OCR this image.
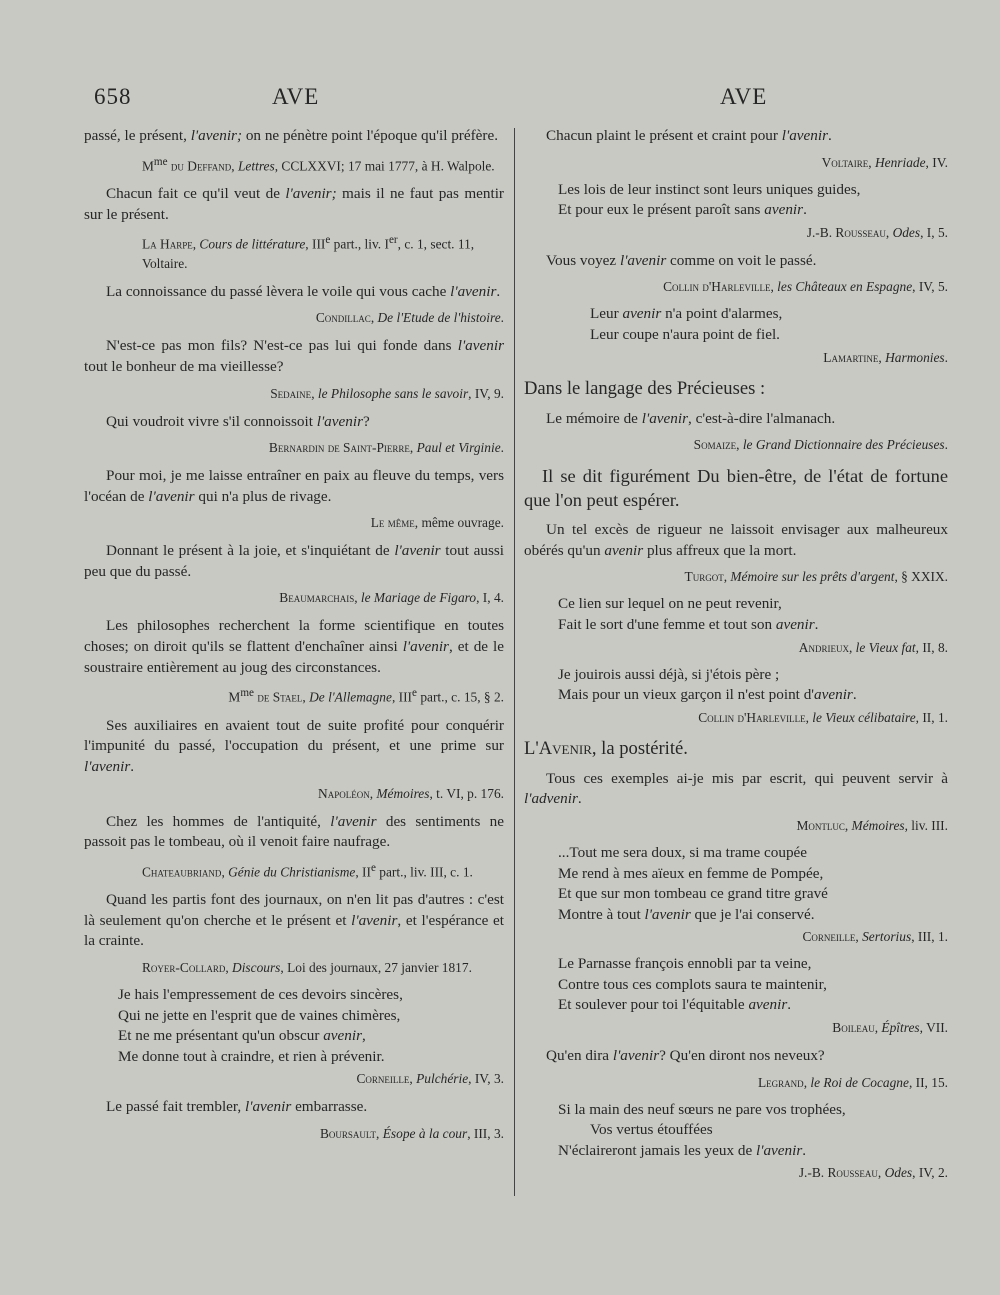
658	AVE	AVE
passé, le présent, l'avenir; on ne pénètre point l'époque qu'il préfère.
$M^{me}$ du Deffand, Lettres, CCLXXVI; 17 mai 1777, à H. Walpole.
Chacun fait ce qu'il veut de l'avenir; mais il ne faut pas mentir sur le présent.
La Harpe, Cours de littérature, IIIe part., liv. Ier, c. 1, sect. 11, Voltaire.
La connoissance du passé lèvera le voile qui vous cache l'avenir.
Condillac, De l'Etude de l'histoire.
N'est-ce pas mon fils? N'est-ce pas lui qui fonde dans l'avenir tout le bonheur de ma vieillesse?
Sedaine, le Philosophe sans le savoir, IV, 9.
Qui voudroit vivre s'il connoissoit l'avenir?
Bernardin de Saint-Pierre, Paul et Virginie.
Pour moi, je me laisse entraîner en paix au fleuve du temps, vers l'océan de l'avenir qui n'a plus de rivage.
Le même, même ouvrage.
Donnant le présent à la joie, et s'inquiétant de l'avenir tout aussi peu que du passé.
Beaumarchais, le Mariage de Figaro, I, 4.
Les philosophes recherchent la forme scientifique en toutes choses; on diroit qu'ils se flattent d'enchaîner ainsi l'avenir, et de le soustraire entièrement au joug des circonstances.
$M^{me}$ de Stael, De l'Allemagne, IIIe part., c. 15, § 2.
Ses auxiliaires en avaient tout de suite profité pour conquérir l'impunité du passé, l'occupation du présent, et une prime sur l'avenir.
Napoléon, Mémoires, t. VI, p. 176.
Chez les hommes de l'antiquité, l'avenir des sentiments ne passoit pas le tombeau, où il venoit faire naufrage.
Chateaubriand, Génie du Christianisme, IIe part., liv. III, c. 1.
Quand les partis font des journaux, on n'en lit pas d'autres : c'est là seulement qu'on cherche et le présent et l'avenir, et l'espérance et la crainte.
Royer-Collard, Discours, Loi des journaux, 27 janvier 1817.
Je hais l'empressement de ces devoirs sincères,
Qui ne jette en l'esprit que de vaines chimères,
Et ne me présentant qu'un obscur avenir,
Me donne tout à craindre, et rien à prévenir.
Corneille, Pulchérie, IV, 3.
Le passé fait trembler, l'avenir embarrasse.
Boursault, Ésope à la cour, III, 3.
Chacun plaint le présent et craint pour l'avenir.
Voltaire, Henriade, IV.
Les lois de leur instinct sont leurs uniques guides,
Et pour eux le présent paroît sans avenir.
J.-B. Rousseau, Odes, I, 5.
Vous voyez l'avenir comme on voit le passé.
Collin d'Harleville, les Châteaux en Espagne, IV, 5.
Leur avenir n'a point d'alarmes,
Leur coupe n'aura point de fiel.
Lamartine, Harmonies.
Dans le langage des Précieuses :
Le mémoire de l'avenir, c'est-à-dire l'almanach.
Somaize, le Grand Dictionnaire des Précieuses.
Il se dit figurément Du bien-être, de l'état de fortune que l'on peut espérer.
Un tel excès de rigueur ne laissoit envisager aux malheureux obérés qu'un avenir plus affreux que la mort.
Turgot, Mémoire sur les prêts d'argent, § XXIX.
Ce lien sur lequel on ne peut revenir,
Fait le sort d'une femme et tout son avenir.
Andrieux, le Vieux fat, II, 8.
Je jouirois aussi déjà, si j'étois père ;
Mais pour un vieux garçon il n'est point d'avenir.
Collin d'Harleville, le Vieux célibataire, II, 1.
L'Avenir, la postérité.
Tous ces exemples ai-je mis par escrit, qui peuvent servir à l'advenir.
Montluc, Mémoires, liv. III.
...Tout me sera doux, si ma trame coupée
Me rend à mes aïeux en femme de Pompée,
Et que sur mon tombeau ce grand titre gravé
Montre à tout l'avenir que je l'ai conservé.
Corneille, Sertorius, III, 1.
Le Parnasse françois ennobli par ta veine,
Contre tous ces complots saura te maintenir,
Et soulever pour toi l'équitable avenir.
Boileau, Épîtres, VII.
Qu'en dira l'avenir? Qu'en diront nos neveux?
Legrand, le Roi de Cocagne, II, 15.
Si la main des neuf sœurs ne pare vos trophées,
Vos vertus étouffées
N'éclaireront jamais les yeux de l'avenir.
J.-B. Rousseau, Odes, IV, 2.
